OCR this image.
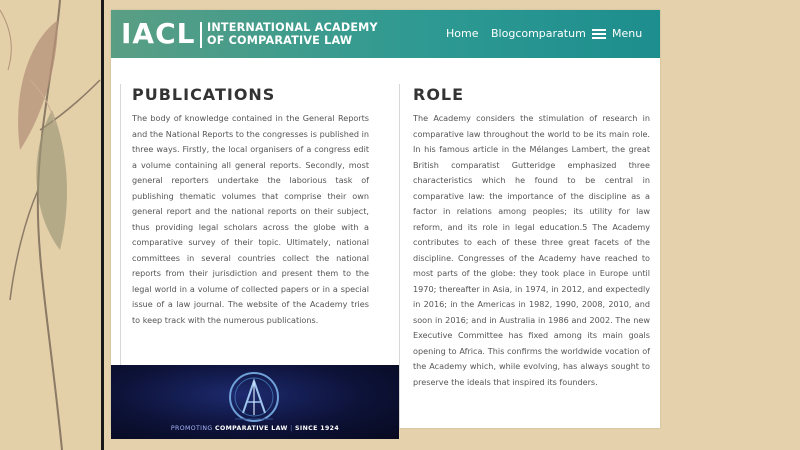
IACL INTERNATIONAL ACADEMY
OF COMPARATIVE LAW
Home Blogcomparatum Menu
PUBLICATIONS

The body of knowledge contained in the General Reports and the National Reports to the congresses is published in three ways. Firstly, the local organisers of a congress edit a volume containing all general reports. Secondly, most general reporters undertake the laborious task of publishing thematic volumes that comprise their own general report and the national reports on their subject, thus providing legal scholars across the globe with a comparative survey of their topic. Ultimately, national committees in several countries collect the national reports from their jurisdiction and present them to the legal world in a volume of collected papers or in a special issue of a law journal. The website of the Academy tries to keep track with the numerous publications.

ROLE

The Academy considers the stimulation of research in comparative law throughout the world to be its main role. In his famous article in the Mélanges Lambert, the great British comparatist Gutteridge emphasized three characteristics which he found to be central in comparative law: the importance of the discipline as a factor in relations among peoples; its utility for law reform, and its role in legal education.5 The Academy contributes to each of these three great facets of the discipline. Congresses of the Academy have reached to most parts of the globe: they took place in Europe until 1970; thereafter in Asia, in 1974, in 2012, and expectedly in 2016; in the Americas in 1982, 1990, 2008, 2010, and soon in 2016; and in Australia in 1986 and 2002. The new Executive Committee has fixed among its main goals opening to Africa. This confirms the worldwide vocation of the Academy which, while evolving, has always sought to preserve the ideals that inspired its founders.

PROMOTING COMPARATIVE LAW | SINCE 1924
